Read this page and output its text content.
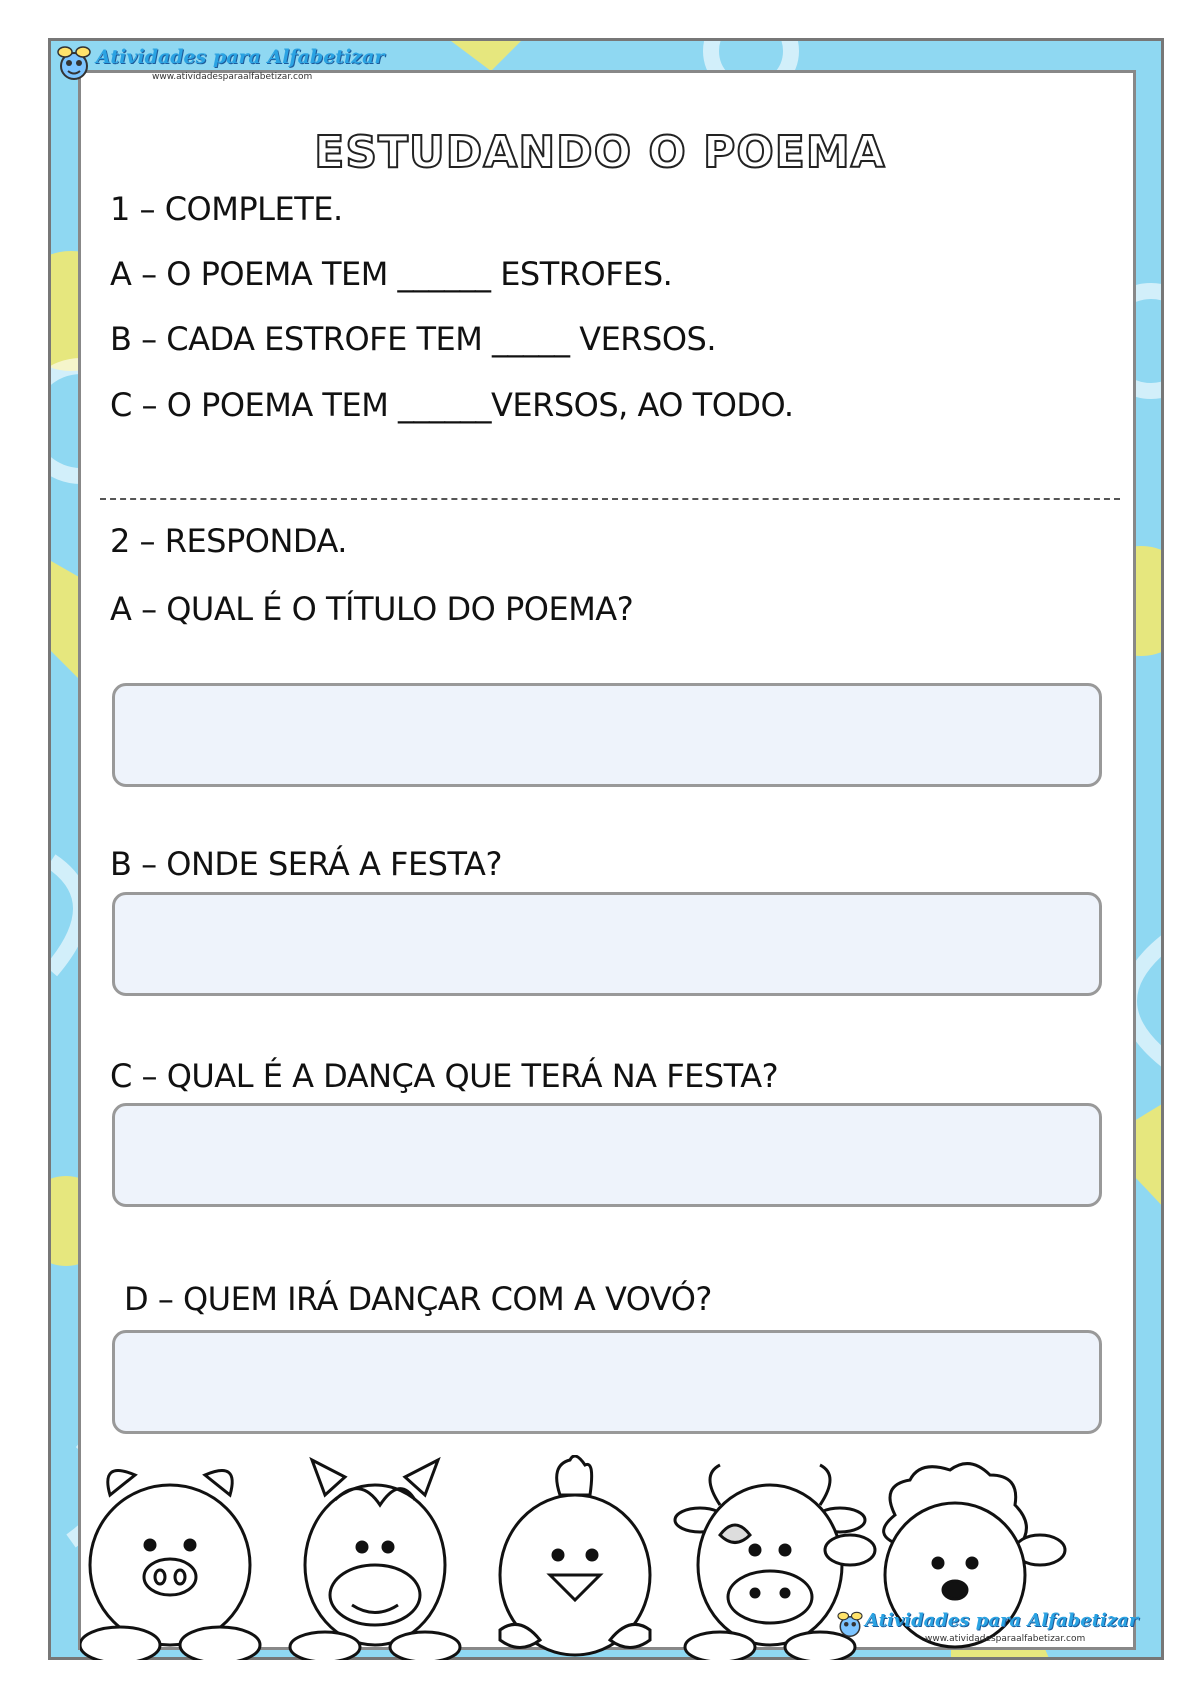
Atividades para Alfabetizar
www.atividadesparaalfabetizar.com
ESTUDANDO O POEMA
1 – COMPLETE.
A – O POEMA TEM ______ ESTROFES.
B – CADA ESTROFE TEM _____ VERSOS.
C – O POEMA TEM ______VERSOS, AO TODO.
2 – RESPONDA.
A – QUAL É O TÍTULO DO POEMA?
B – ONDE SERÁ A FESTA?
C – QUAL É A DANÇA QUE TERÁ NA FESTA?
D – QUEM IRÁ DANÇAR COM A VOVÓ?
Atividades para Alfabetizar
www.atividadesparaalfabetizar.com
